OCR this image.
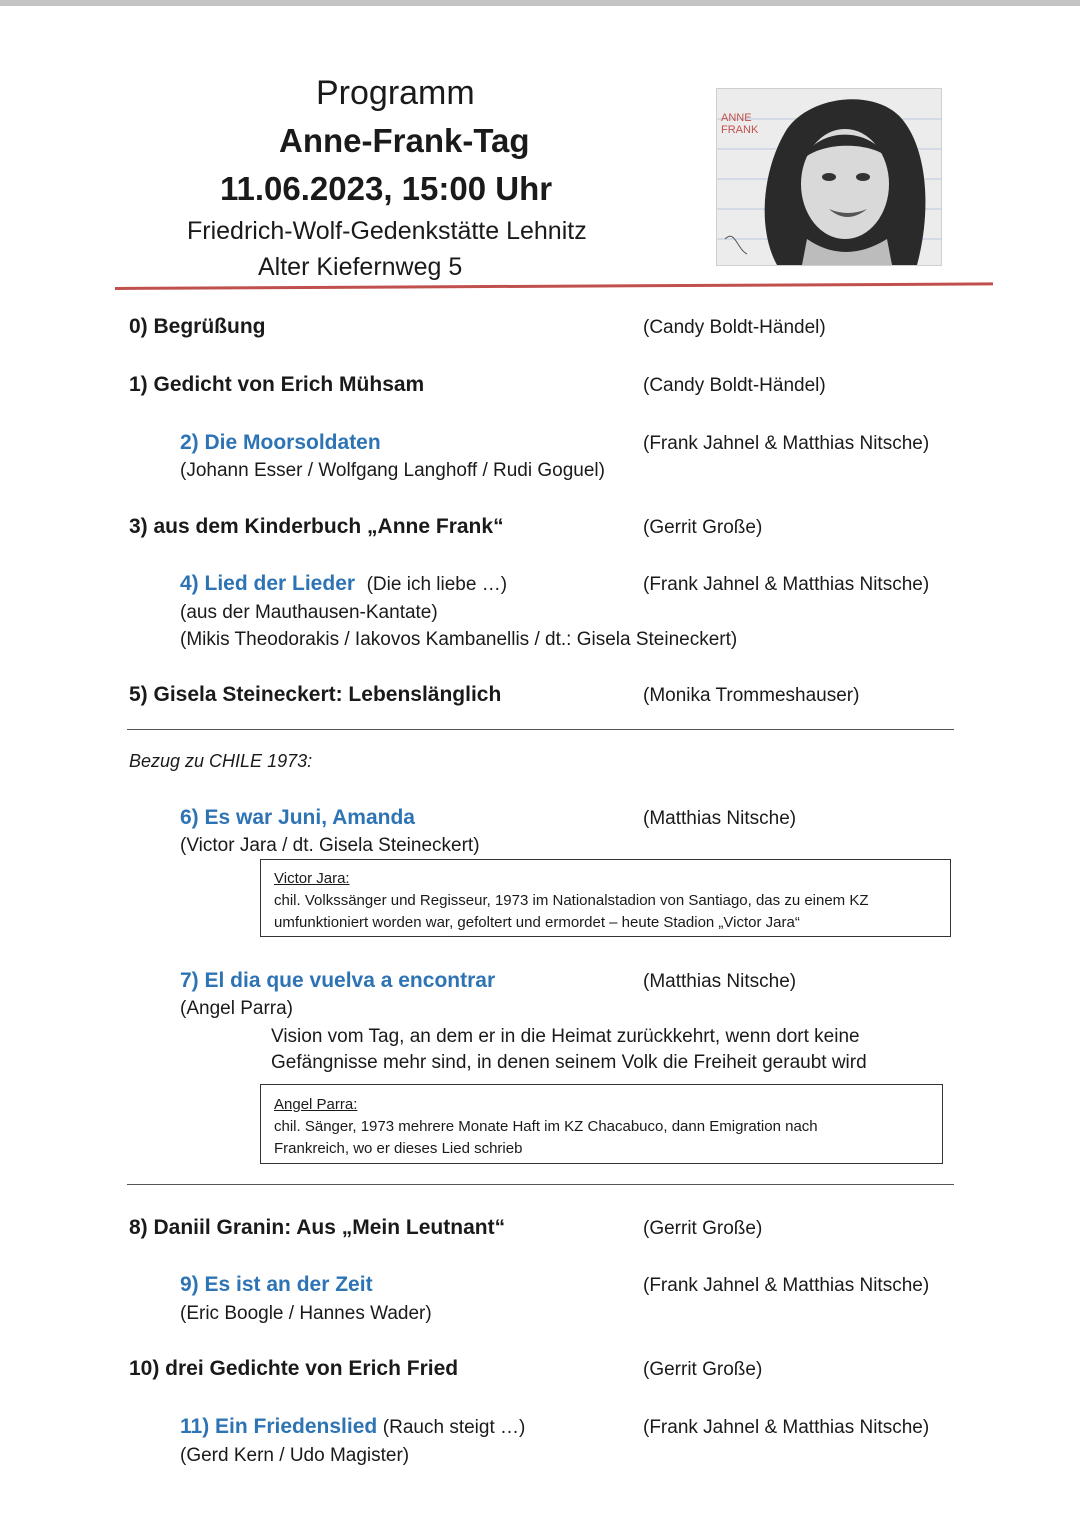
Programm
Anne-Frank-Tag
11.06.2023, 15:00 Uhr
Friedrich-Wolf-Gedenkstätte Lehnitz
Alter Kiefernweg 5
ANNE
FRANK
0) Begrüßung	(Candy Boldt-Händel)
1) Gedicht von Erich Mühsam	(Candy Boldt-Händel)
2) Die Moorsoldaten	(Frank Jahnel & Matthias Nitsche)
(Johann Esser / Wolfgang Langhoff / Rudi Goguel)
3) aus dem Kinderbuch „Anne Frank“	(Gerrit Große)
4) Lied der Lieder (Die ich liebe …)	(Frank Jahnel & Matthias Nitsche)
(aus der Mauthausen-Kantate)
(Mikis Theodorakis / Iakovos Kambanellis / dt.: Gisela Steineckert)
5) Gisela Steineckert: Lebenslänglich	(Monika Trommeshauser)
Bezug zu CHILE 1973:
6) Es war Juni, Amanda	(Matthias Nitsche)
(Victor Jara / dt. Gisela Steineckert)
Victor Jara:
chil. Volkssänger und Regisseur, 1973 im Nationalstadion von Santiago, das zu einem KZ
umfunktioniert worden war, gefoltert und ermordet – heute Stadion „Victor Jara“
7) El dia que vuelva a encontrar	(Matthias Nitsche)
(Angel Parra)
Vision vom Tag, an dem er in die Heimat zurückkehrt, wenn dort keine
Gefängnisse mehr sind, in denen seinem Volk die Freiheit geraubt wird
Angel Parra:
chil. Sänger, 1973 mehrere Monate Haft im KZ Chacabuco, dann Emigration nach
Frankreich, wo er dieses Lied schrieb
8) Daniil Granin: Aus „Mein Leutnant“	(Gerrit Große)
9) Es ist an der Zeit	(Frank Jahnel & Matthias Nitsche)
(Eric Boogle / Hannes Wader)
10) drei Gedichte von Erich Fried	(Gerrit Große)
11) Ein Friedenslied (Rauch steigt …)	(Frank Jahnel & Matthias Nitsche)
(Gerd Kern / Udo Magister)
